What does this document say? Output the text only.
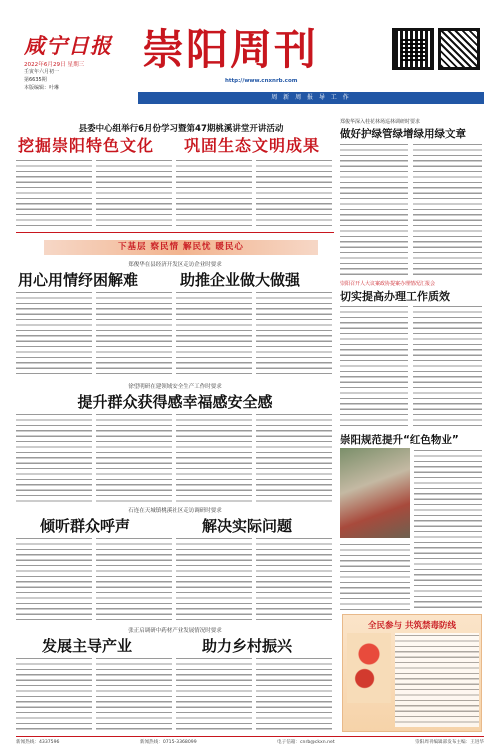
咸宁日报
2022年6月29日 星期三
壬寅年六月初一
第6635期
本版编辑：叶琳
崇阳周刊
http://www.cnxnrb.com
周 新 周 报 导 工 作
县委中心组举行6月份学习暨第47期桃溪讲堂开讲活动
挖掘崇阳特色文化 巩固生态文明成果
郑俊华深入桂花林场巡林调研时要求
做好护绿管绿增绿用绿文章
下基层 察民情 解民忧 暖民心
郑俊华在县经济开发区走访企业时要求
用心用情纾困解难	助推企业做大做强
徐望明研在建领域安全生产工作时要求
提升群众获得感幸福感安全感
石连在天城镇桃溪社区走访调研时要求
倾听群众呼声	解决实际问题
张正启调研中药材产业发展情况时要求
发展主导产业	助力乡村振兴
崇阳召开人大议案政协提案办理情况汇报会
切实提高办理工作质效
崇阳规范提升“红色物业”
全民参与 共筑禁毒防线
新闻热线：4337596	新闻热线：0715-3368099	电子信箱：cnrb@ckxn.net	崇阳周刊编辑部发布主编：王进华
